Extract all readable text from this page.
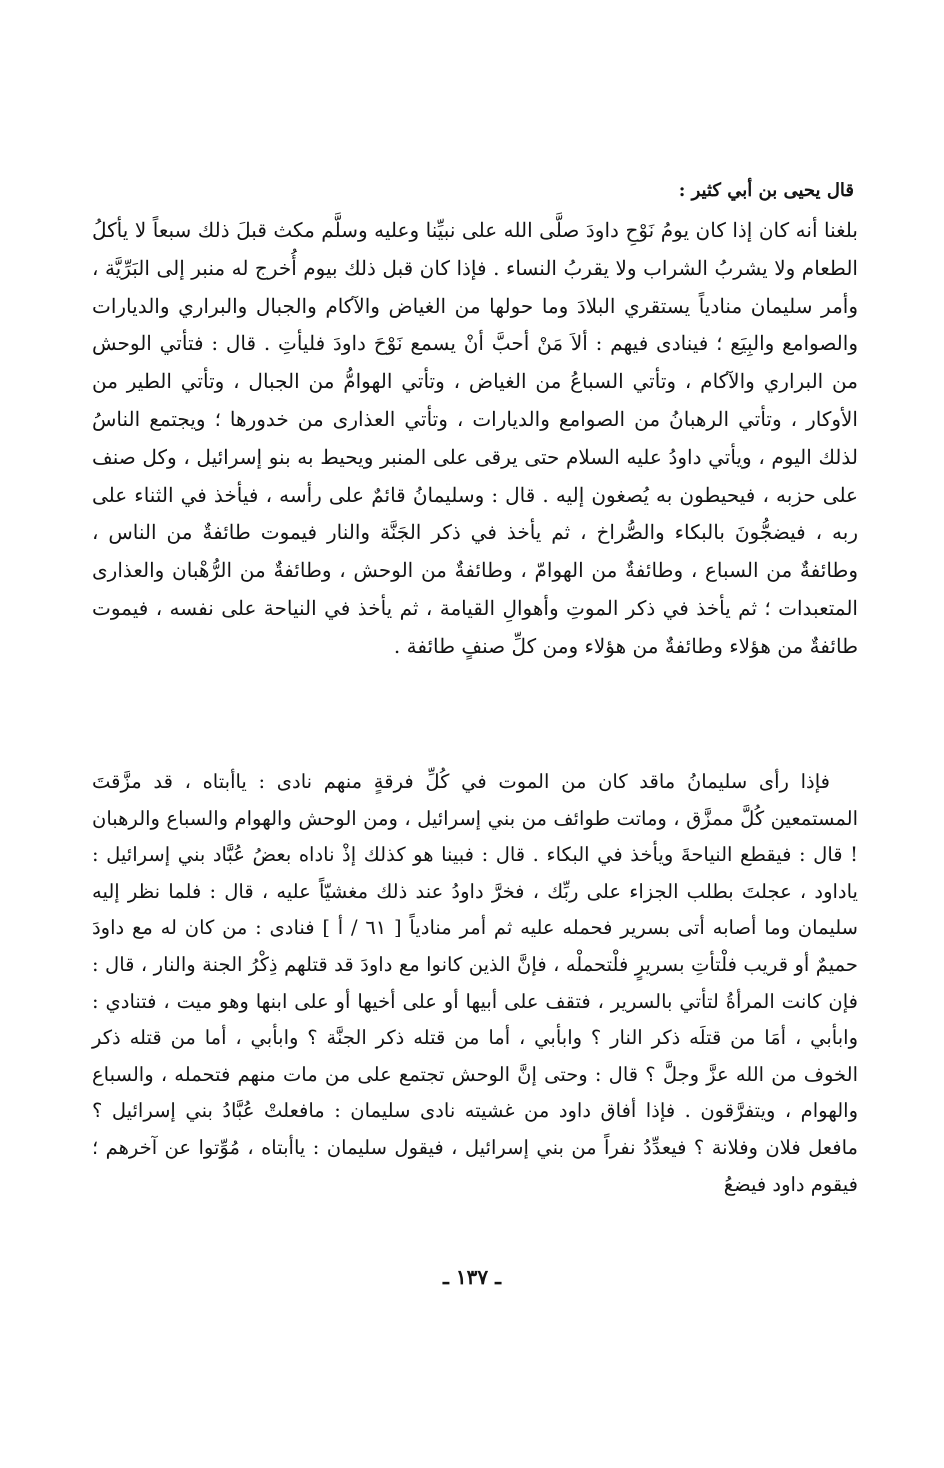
قال يحيى بن أبي كثير :

بلغنا أنه كان إذا كان يومُ نَوْحِ داودَ صلَّى الله على نبيِّنا وعليه وسلَّم مكث قبلَ ذلك سبعاً لا يأكلُ الطعام ولا يشربُ الشراب ولا يقربُ النساء . فإذا كان قبل ذلك بيوم أُخرج له منبر إلى البَرِّيَّة ، وأمر سليمان منادياً يستقري البلادَ وما حولها من الغياض والآكام والجبال والبراري والديارات والصوامع والبِيَع ؛ فينادى فيهم : ألاَ مَنْ أحبَّ أنْ يسمع نَوْحَ داودَ فليأتِ . قال : فتأتي الوحش من البراري والآكام ، وتأتي السباعُ من الغياض ، وتأتي الهوامُّ من الجبال ، وتأتي الطير من الأوكار ، وتأتي الرهبانُ من الصوامع والديارات ، وتأتي العذارى من خدورها ؛ ويجتمع الناسُ لذلك اليوم ، ويأتي داودُ عليه السلام حتى يرقى على المنبر ويحيط به بنو إسرائيل ، وكل صنف على حزبه ، فيحيطون به يُصغون إليه . قال : وسليمانُ قائمٌ على رأسه ، فيأخذ في الثناء على ربه ، فيضجُّونَ بالبكاء والصُّراخ ، ثم يأخذ في ذكر الجَنَّة والنار فيموت طائفةٌ من الناس ، وطائفةٌ من السباع ، وطائفةٌ من الهوامّ ، وطائفةٌ من الوحش ، وطائفةٌ من الرُّهْبان والعذارى المتعبدات ؛ ثم يأخذ في ذكر الموتِ وأهوالِ القيامة ، ثم يأخذ في النياحة على نفسه ، فيموت طائفةٌ من هؤلاء وطائفةٌ من هؤلاء ومن كلِّ صنفٍ طائفة .

فإذا رأى سليمانُ ماقد كان من الموت في كُلِّ فرقةٍ منهم نادى : ياأبتاه ، قد مزَّقتَ المستمعين كُلَّ ممزَّق ، وماتت طوائف من بني إسرائيل ، ومن الوحش والهوام والسباع والرهبان ! قال : فيقطع النياحةَ ويأخذ في البكاء . قال : فبينا هو كذلك إذْ ناداه بعضُ عُبَّاد بني إسرائيل : ياداود ، عجلتَ بطلب الجزاء على ربِّك ، فخرَّ داودُ عند ذلك مغشيّاً عليه ، قال : فلما نظر إليه سليمان وما أصابه أتى بسرير فحمله عليه ثم أمر منادياً [ ٦١ / أ ] فنادى : من كان له مع داودَ حميمٌ أو قريب فلْتأتِ بسريرٍ فلْتحملْه ، فإنَّ الذين كانوا مع داودَ قد قتلهم ذِكْرُ الجنة والنار ، قال : فإن كانت المرأةُ لتأتي بالسرير ، فتقف على أبيها أو على أخيها أو على ابنها وهو ميت ، فتنادي : وابأبي ، أمَا من قتلَه ذكر النار ؟ وابأبي ، أما من قتله ذكر الجنَّة ؟ وابأبي ، أما من قتله ذكر الخوف من الله عزَّ وجلَّ ؟ قال : وحتى إنَّ الوحش تجتمع على من مات منهم فتحمله ، والسباع والهوام ، ويتفرَّقون . فإذا أفاق داود من غشيته نادى سليمان : مافعلتْ عُبَّادُ بني إسرائيل ؟ مافعل فلان وفلانة ؟ فيعدِّدُ نفراً من بني إسرائيل ، فيقول سليمان : ياأبتاه ، مُوِّتوا عن آخرهم ؛ فيقوم داود فيضعُ

ـ ١٣٧ ـ
